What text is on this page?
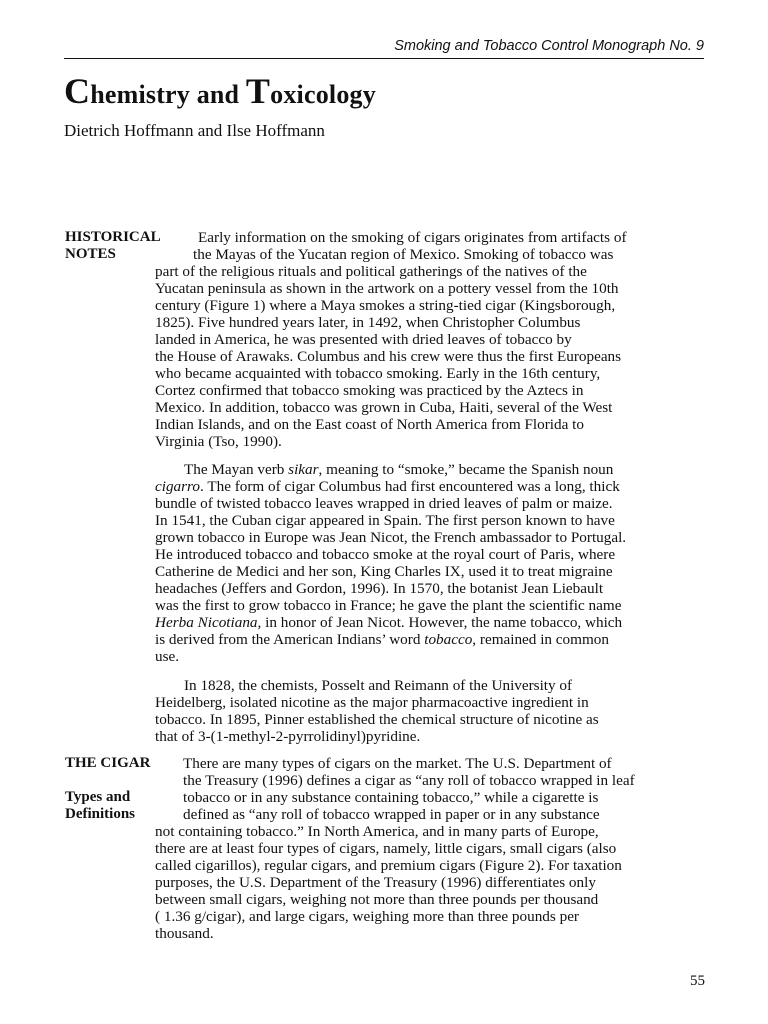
Smoking and Tobacco Control Monograph No. 9
Chemistry and Toxicology
Dietrich Hoffmann and Ilse Hoffmann

HISTORICAL

NOTES

Early information on the smoking of cigars originates from artifacts of
the Mayas of the Yucatan region of Mexico. Smoking of tobacco was
part of the religious rituals and political gatherings of the natives of the
Yucatan peninsula as shown in the artwork on a pottery vessel from the 10th
century (Figure 1) where a Maya smokes a string-tied cigar (Kingsborough,
1825). Five hundred years later, in 1492, when Christopher Columbus
landed in America, he was presented with dried leaves of tobacco by
the House of Arawaks. Columbus and his crew were thus the first Europeans
who became acquainted with tobacco smoking. Early in the 16th century,
Cortez confirmed that tobacco smoking was practiced by the Aztecs in
Mexico. In addition, tobacco was grown in Cuba, Haiti, several of the West
Indian Islands, and on the East coast of North America from Florida to
Virginia (Tso, 1990).

The Mayan verb sikar, meaning to “smoke,” became the Spanish noun
cigarro. The form of cigar Columbus had first encountered was a long, thick
bundle of twisted tobacco leaves wrapped in dried leaves of palm or maize.
In 1541, the Cuban cigar appeared in Spain. The first person known to have
grown tobacco in Europe was Jean Nicot, the French ambassador to Portugal.
He introduced tobacco and tobacco smoke at the royal court of Paris, where
Catherine de Medici and her son, King Charles IX, used it to treat migraine
headaches (Jeffers and Gordon, 1996). In 1570, the botanist Jean Liebault
was the first to grow tobacco in France; he gave the plant the scientific name
Herba Nicotiana, in honor of Jean Nicot. However, the name tobacco, which
is derived from the American Indians’ word tobacco, remained in common
use.

In 1828, the chemists, Posselt and Reimann of the University of
Heidelberg, isolated nicotine as the major pharmacoactive ingredient in
tobacco. In 1895, Pinner established the chemical structure of nicotine as
that of 3-(1-methyl-2-pyrrolidinyl)pyridine.

THE CIGAR

Types and

Definitions

There are many types of cigars on the market. The U.S. Department of
the Treasury (1996) defines a cigar as “any roll of tobacco wrapped in leaf
tobacco or in any substance containing tobacco,” while a cigarette is
defined as “any roll of tobacco wrapped in paper or in any substance
not containing tobacco.” In North America, and in many parts of Europe,
there are at least four types of cigars, namely, little cigars, small cigars (also
called cigarillos), regular cigars, and premium cigars (Figure 2). For taxation
purposes, the U.S. Department of the Treasury (1996) differentiates only
between small cigars, weighing not more than three pounds per thousand
( 1.36 g/cigar), and large cigars, weighing more than three pounds per
thousand.

55
